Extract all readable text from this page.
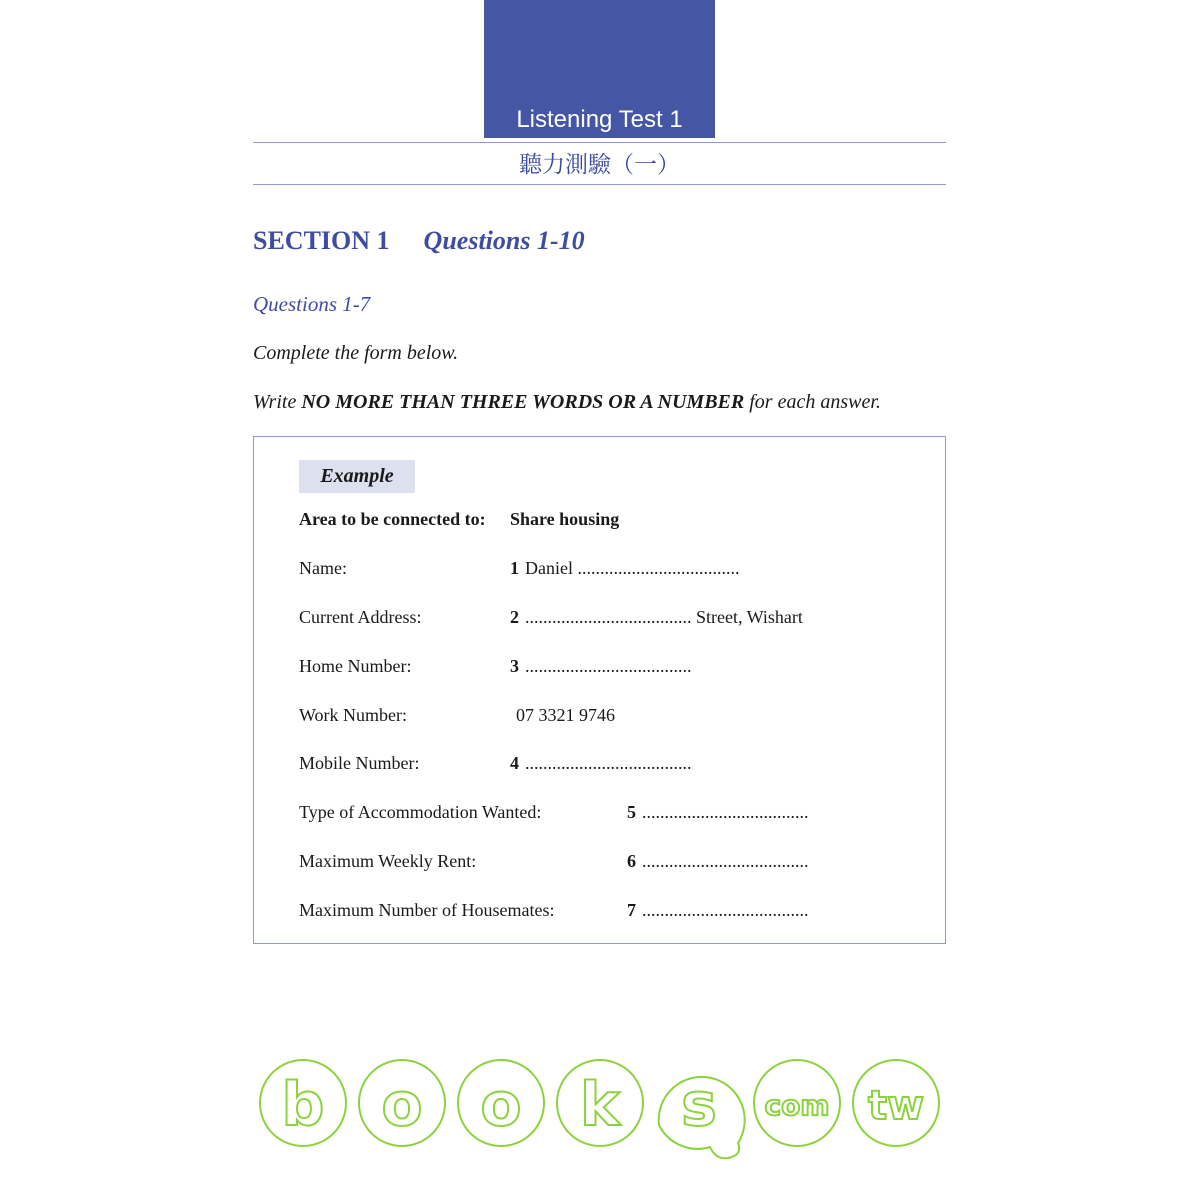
Listening Test 1
聽力測驗（一）
SECTION 1 Questions 1-10
Questions 1-7
Complete the form below.
Write NO MORE THAN THREE WORDS OR A NUMBER for each answer.
Example
Area to be connected to: Share housing
Name:	1 Daniel ....................................
Current Address:	2 ..................................... Street, Wishart
Home Number:	3 .....................................
Work Number:	07 3321 9746
Mobile Number:	4 .....................................
Type of Accommodation Wanted:	5 .....................................
Maximum Weekly Rent:	6 .....................................
Maximum Number of Housemates:	7 .....................................
b o o k s com tw
